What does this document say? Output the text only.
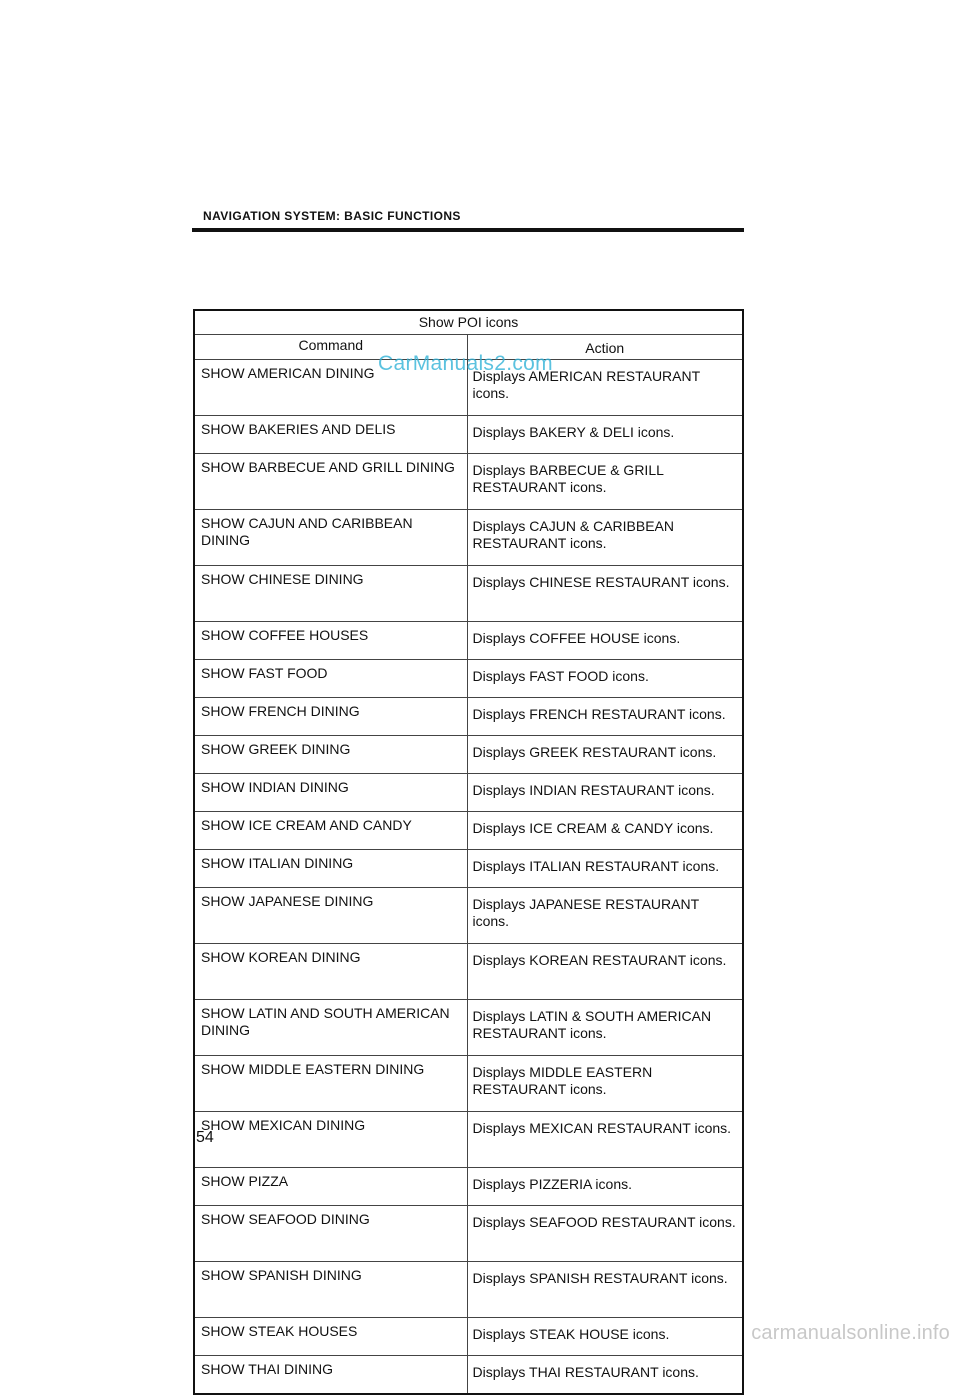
NAVIGATION SYSTEM: BASIC FUNCTIONS
Show POI icons	

Command	Action

SHOW AMERICAN DINING	Displays AMERICAN RESTAURANT icons.
SHOW BAKERIES AND DELIS	Displays BAKERY & DELI icons.
SHOW BARBECUE AND GRILL DINING	Displays BARBECUE & GRILL RESTAURANT icons.
SHOW CAJUN AND CARIBBEAN DINING	Displays CAJUN & CARIBBEAN RESTAURANT icons.
SHOW CHINESE DINING	Displays CHINESE RESTAURANT icons.
SHOW COFFEE HOUSES	Displays COFFEE HOUSE icons.
SHOW FAST FOOD	Displays FAST FOOD icons.
SHOW FRENCH DINING	Displays FRENCH RESTAURANT icons.
SHOW GREEK DINING	Displays GREEK RESTAURANT icons.
SHOW INDIAN DINING	Displays INDIAN RESTAURANT icons.
SHOW ICE CREAM AND CANDY	Displays ICE CREAM & CANDY icons.
SHOW ITALIAN DINING	Displays ITALIAN RESTAURANT icons.
SHOW JAPANESE DINING	Displays JAPANESE RESTAURANT icons.
SHOW KOREAN DINING	Displays KOREAN RESTAURANT icons.
SHOW LATIN AND SOUTH AMERICAN DINING	Displays LATIN & SOUTH AMERICAN RESTAURANT icons.
SHOW MIDDLE EASTERN DINING	Displays MIDDLE EASTERN RESTAURANT icons.
SHOW MEXICAN DINING	Displays MEXICAN RESTAURANT icons.
SHOW PIZZA	Displays PIZZERIA icons.
SHOW SEAFOOD DINING	Displays SEAFOOD RESTAURANT icons.
SHOW SPANISH DINING	Displays SPANISH RESTAURANT icons.
SHOW STEAK HOUSES	Displays STEAK HOUSE icons.
SHOW THAI DINING	Displays THAI RESTAURANT icons.
CarManuals2.com
54
carmanualsonline.info
